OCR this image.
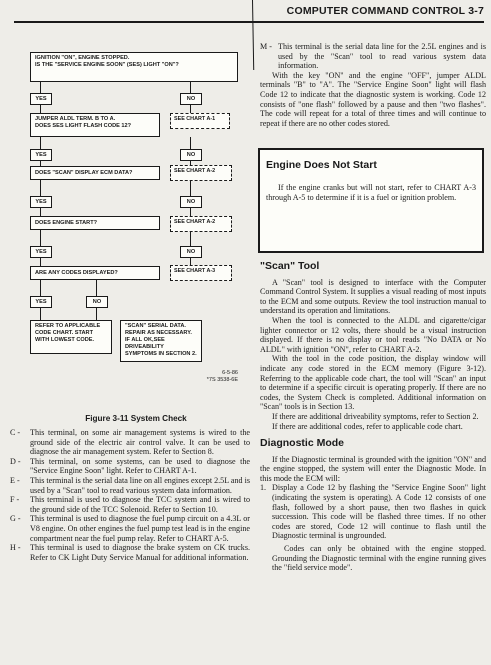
COMPUTER COMMAND CONTROL 3-7
IGNITION "ON", ENGINE STOPPED.
IS THE "SERVICE ENGINE SOON" (SES) LIGHT "ON"?
YES	NO
JUMPER ALDL TERM. B TO A.
DOES SES LIGHT FLASH CODE 12?
SEE CHART A-1
YES	NO
DOES "SCAN" DISPLAY ECM DATA?	SEE CHART A-2
YES	NO
DOES ENGINE START?	SEE CHART A-2
YES	NO
ARE ANY CODES DISPLAYED?	SEE CHART A-3
YES	NO
REFER TO APPLICABLE CODE CHART. START WITH LOWEST CODE.
"SCAN" SERIAL DATA. REPAIR AS NECESSARY. IF ALL OK,SEE DRIVEABILITY SYMPTOMS IN SECTION 2.
6-5-86
*7S 3538-6E
Figure 3-11 System Check
C -	This terminal, on some air management systems is wired to the ground side of the electric air control valve. It can be used to diagnose the air management system. Refer to Section 8.
D -	This terminal, on some systems, can be used to diagnose the "Service Engine Soon" light. Refer to CHART A-1.
E -	This terminal is the serial data line on all engines except 2.5L and is used by a "Scan" tool to read various system data information.
F -	This terminal is used to diagnose the TCC system and is wired to the ground side of the TCC Solenoid. Refer to Section 10.
G -	This terminal is used to diagnose the fuel pump circuit on a 4.3L or V8 engine. On other engines the fuel pump test lead is in the engine compartment near the fuel pump relay. Refer to CHART A-5.
H -	This terminal is used to diagnose the brake system on CK trucks. Refer to CK Light Duty Service Manual for additional information.
M - This terminal is the serial data line for the 2.5L engines and is used by the "Scan" tool to read various system data information.

With the key "ON" and the engine "OFF", jumper ALDL terminals "B" to "A". The "Service Engine Soon" light will flash Code 12 to indicate that the diagnostic system is working. Code 12 consists of "one flash" followed by a pause and then "two flashes". The code will repeat for a total of three times and will continue to repeat if there are no other codes stored.

Engine Does Not Start

If the engine cranks but will not start, refer to CHART A-3 through A-5 to determine if it is a fuel or ignition problem.

"Scan" Tool

A "Scan" tool is designed to interface with the Computer Command Control System. It supplies a visual reading of most inputs to the ECM and some outputs. Review the tool instruction manual to understand its operation and limitations.

When the tool is connected to the ALDL and cigarette/cigar lighter connector or 12 volts, there should be a visual instruction displayed. If there is no display or tool reads "No DATA or No ALDL" with ignition "ON", refer to CHART A-2.

With the tool in the code position, the display window will indicate any code stored in the ECM memory (Figure 3-12). Referring to the applicable code chart, the tool will "Scan" an input to determine if a specific circuit is operating properly. If there are no codes, the System Check is completed. Additional information on "Scan" tools is in Section 13.

If there are additional driveability symptoms, refer to Section 2.

If there are additional codes, refer to applicable code chart.

Diagnostic Mode

If the Diagnostic terminal is grounded with the ignition "ON" and the engine stopped, the system will enter the Diagnostic Mode. In this mode the ECM will:

1. Display a Code 12 by flashing the "Service Engine Soon" light (indicating the system is operating). A Code 12 consists of one flash, followed by a short pause, then two flashes in quick succession. This code will be flashed three times. If no other codes are stored, Code 12 will continue to flash until the Diagnostic terminal is ungrounded.

Codes can only be obtained with the engine stopped. Grounding the Diagnostic terminal with the engine running gives the "field service mode".
